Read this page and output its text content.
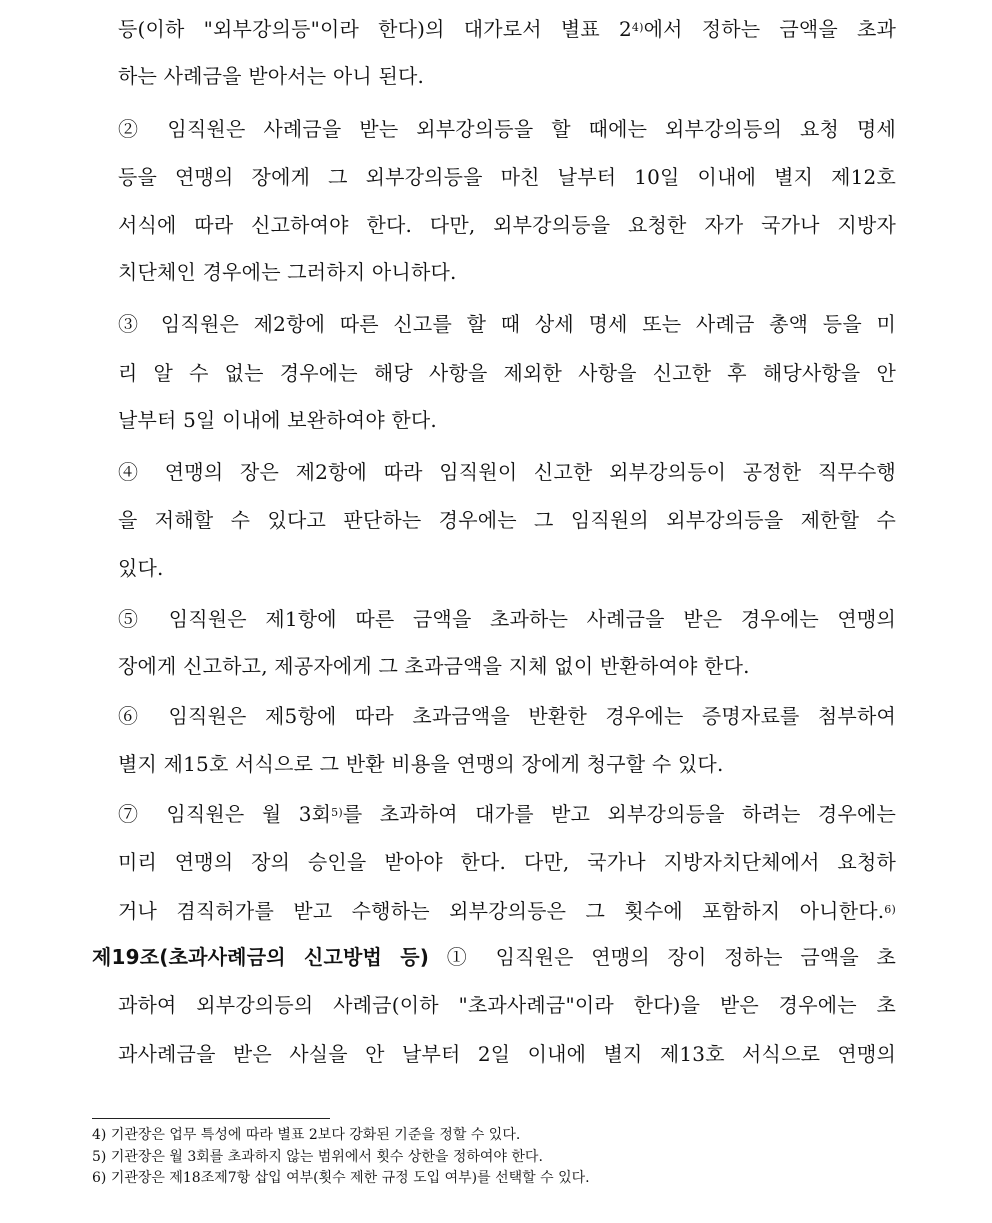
등(이하 "외부강의등"이라 한다)의 대가로서 별표 2$^{4)}$에서 정하는 금액을 초과
하는 사례금을 받아서는 아니 된다.
② 임직원은 사례금을 받는 외부강의등을 할 때에는 외부강의등의 요청 명세
등을 연맹의 장에게 그 외부강의등을 마친 날부터 10일 이내에 별지 제12호
서식에 따라 신고하여야 한다. 다만, 외부강의등을 요청한 자가 국가나 지방자
치단체인 경우에는 그러하지 아니하다.
③ 임직원은 제2항에 따른 신고를 할 때 상세 명세 또는 사례금 총액 등을 미
리 알 수 없는 경우에는 해당 사항을 제외한 사항을 신고한 후 해당사항을 안
날부터 5일 이내에 보완하여야 한다.
④ 연맹의 장은 제2항에 따라 임직원이 신고한 외부강의등이 공정한 직무수행
을 저해할 수 있다고 판단하는 경우에는 그 임직원의 외부강의등을 제한할 수
있다.
⑤ 임직원은 제1항에 따른 금액을 초과하는 사례금을 받은 경우에는 연맹의
장에게 신고하고, 제공자에게 그 초과금액을 지체 없이 반환하여야 한다.
⑥ 임직원은 제5항에 따라 초과금액을 반환한 경우에는 증명자료를 첨부하여
별지 제15호 서식으로 그 반환 비용을 연맹의 장에게 청구할 수 있다.
⑦ 임직원은 월 3회$^{5)}$를 초과하여 대가를 받고 외부강의등을 하려는 경우에는
미리 연맹의 장의 승인을 받아야 한다. 다만, 국가나 지방자치단체에서 요청하
거나 겸직허가를 받고 수행하는 외부강의등은 그 횟수에 포함하지 아니한다.$^{6)}$
제19조(초과사례금의 신고방법 등) ① 임직원은 연맹의 장이 정하는 금액을 초
과하여 외부강의등의 사례금(이하 "초과사례금"이라 한다)을 받은 경우에는 초
과사례금을 받은 사실을 안 날부터 2일 이내에 별지 제13호 서식으로 연맹의
4) 기관장은 업무 특성에 따라 별표 2보다 강화된 기준을 정할 수 있다.
5) 기관장은 월 3회를 초과하지 않는 범위에서 횟수 상한을 정하여야 한다.
6) 기관장은 제18조제7항 삽입 여부(횟수 제한 규정 도입 여부)를 선택할 수 있다.
